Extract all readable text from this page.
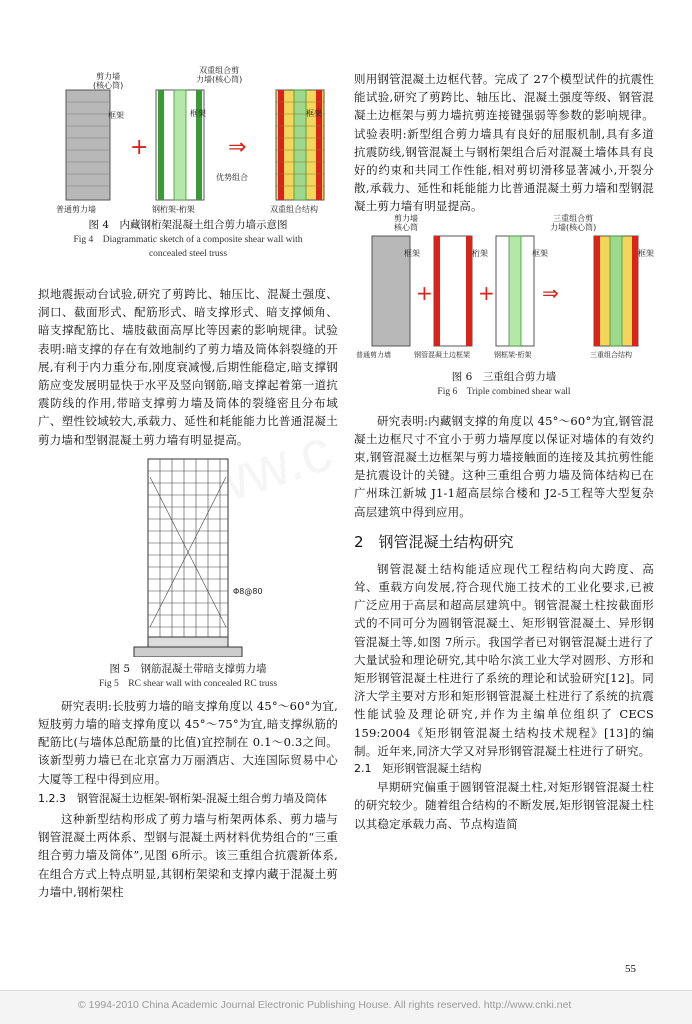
+	⇒
剪力墙
(核心筒)
双重组合剪
力墙(核心筒)
框架	框架	框架
优势组合
普通剪力墙	钢桁架-桁架	双重组合结构
图 4　内藏钢桁架混凝土组合剪力墙示意图
Fig 4　Diagrammatic sketch of a composite shear wall with concealed steel truss

拟地震振动台试验,研究了剪跨比、轴压比、混凝土强度、洞口、截面形式、配筋形式、暗支撑形式、暗支撑倾角、暗支撑配筋比、墙肢截面高厚比等因素的影响规律。试验表明:暗支撑的存在有效地制约了剪力墙及筒体斜裂缝的开展,有利于内力重分布,刚度衰减慢,后期性能稳定,暗支撑钢筋应变发展明显快于水平及竖向钢筋,暗支撑起着第一道抗震防线的作用,带暗支撑剪力墙及筒体的裂缝密且分布域广、塑性铰域较大,承载力、延性和耗能能力比普通混凝土剪力墙和型钢混凝土剪力墙有明显提高。

Φ8@80
图 5　钢筋混凝土带暗支撑剪力墙
Fig 5　RC shear wall with concealed RC truss

研究表明:长肢剪力墙的暗支撑角度以 45°～60°为宜,短肢剪力墙的暗支撑角度以 45°～75°为宜,暗支撑纵筋的配筋比(与墙体总配筋量的比值)宜控制在 0.1～0.3之间。该新型剪力墙已在北京富力万丽酒店、大连国际贸易中心大厦等工程中得到应用。

1.2.3　钢管混凝土边框架-钢桁架-混凝土组合剪力墙及筒体

这种新型结构形成了剪力墙与桁架两体系、剪力墙与钢管混凝土两体系、型钢与混凝土两材料优势组合的“三重组合剪力墙及筒体”,见图 6所示。该三重组合抗震新体系,在组合方式上特点明显,其钢桁架梁和支撑内藏于混凝土剪力墙中,钢桁架柱

则用钢管混凝土边框代替。完成了 27个模型试件的抗震性能试验,研究了剪跨比、轴压比、混凝土强度等级、钢管混凝土边框架与剪力墙抗剪连接键强弱等参数的影响规律。试验表明:新型组合剪力墙具有良好的屈服机制,具有多道抗震防线,钢管混凝土与钢桁架组合后对混凝土墙体具有良好的约束和共同工作性能,相对剪切滑移显著减小,开裂分散,承载力、延性和耗能能力比普通混凝土剪力墙和型钢混凝土剪力墙有明显提高。

+ + ⇒
剪力墙
核心筒
三重组合剪
力墙(核心筒)
框架	桁架	框架	框架
普通剪力墙	钢管混凝土边框架	钢框架-桁架	三重组合结构
图 6　三重组合剪力墙
Fig 6　Triple combined shear wall

研究表明:内藏钢支撑的角度以 45°～60°为宜,钢管混凝土边框尺寸不宜小于剪力墙厚度以保证对墙体的有效约束,钢管混凝土边框架与剪力墙接触面的连接及其抗剪性能是抗震设计的关键。这种三重组合剪力墙及筒体结构已在广州珠江新城 J1-1超高层综合楼和 J2-5工程等大型复杂高层建筑中得到应用。

2　钢管混凝土结构研究

钢管混凝土结构能适应现代工程结构向大跨度、高耸、重载方向发展,符合现代施工技术的工业化要求,已被广泛应用于高层和超高层建筑中。钢管混凝土柱按截面形式的不同可分为圆钢管混凝土、矩形钢管混凝土、异形钢管混凝土等,如图 7所示。我国学者已对钢管混凝土进行了大量试验和理论研究,其中哈尔滨工业大学对圆形、方形和矩形钢管混凝土柱进行了系统的理论和试验研究[12]。同济大学主要对方形和矩形钢管混凝土柱进行了系统的抗震性能试验及理论研究,并作为主编单位组织了 CECS 159:2004《矩形钢管混凝土结构技术规程》[13]的编制。近年来,同济大学又对异形钢管混凝土柱进行了研究。

2.1　矩形钢管混凝土结构

早期研究偏重于圆钢管混凝土柱,对矩形钢管混凝土柱的研究较少。随着组合结构的不断发展,矩形钢管混凝土柱以其稳定承载力高、节点构造简

55
© 1994-2010 China Academic Journal Electronic Publishing House. All rights reserved. http://www.cnki.net
